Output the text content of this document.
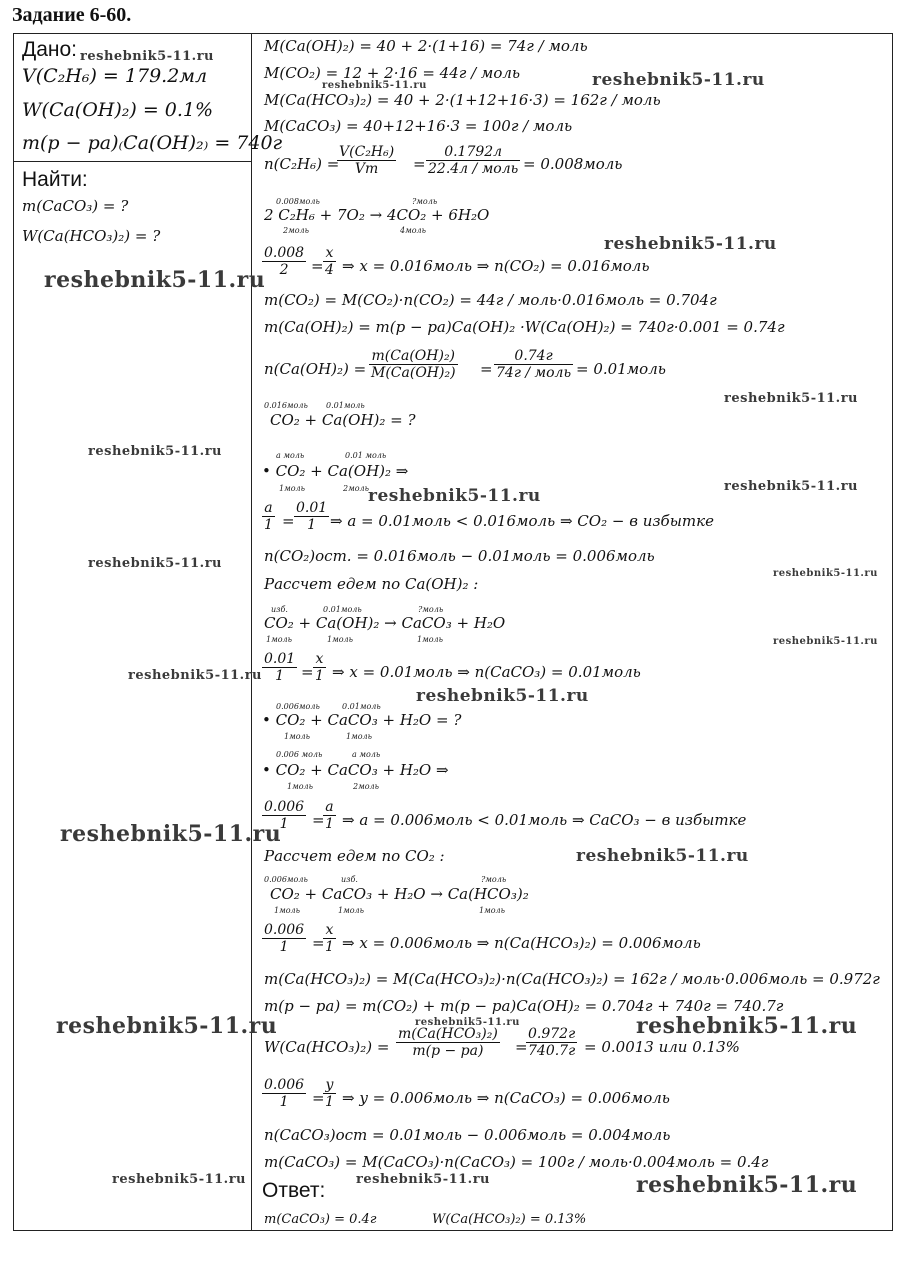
Задание 6-60.
Дано:
V(C₂H₆) = 179.2мл
W(Ca(OH)₂) = 0.1%
m(p − pa)₍Ca(OH)₂₎ = 740г
Найти:
m(CaCO₃) = ?
W(Ca(HCO₃)₂) = ?
M(Ca(OH)₂) = 40 + 2·(1+16) = 74г / моль
M(CO₂) = 12 + 2·16 = 44г / моль
M(Ca(HCO₃)₂) = 40 + 2·(1+12+16·3) = 162г / моль
M(CaCO₃) = 40+12+16·3 = 100г / моль
n(C₂H₆) =
$\frac{\text{V(C₂H₆)}}{Vm}$ =
0.1792л
22.4л / моль = 0.008моль
0.008моль	?моль
2 C₂H₆ + 7O₂ → 4CO₂ + 6H₂O
2моль	4моль
$\frac{0.008}{2} = \frac{x}{4}$ ⇒ x = 0.016моль ⇒ n(CO₂) = 0.016моль
m(CO₂) = M(CO₂)·n(CO₂) = 44г / моль·0.016моль = 0.704г
m(Ca(OH)₂) = m(p − pa)Ca(OH)₂ ·W(Ca(OH)₂) = 740г·0.001 = 0.74г
$n(Ca(OH)_2) = \frac{\text{m(Ca(OH)₂)}}{\text{M(Ca(OH)₂)}}$ =
0.74г
74г / моль = 0.01моль
0.016моль 0.01моль
CO₂ + Ca(OH)₂ = ?
a моль	0.01 моль
• CO₂ + Ca(OH)₂ ⇒
1моль	2моль
$\frac{a}{1} = \frac{0.01}{1}$ ⇒ a = 0.01моль < 0.016моль ⇒ CO₂ − в избытке
n(CO₂)ост. = 0.016моль − 0.01моль = 0.006моль
Рассчет едем по Ca(OH)₂ :
изб.	0.01моль	?моль
CO₂ + Ca(OH)₂ → CaCO₃ + H₂O
1моль	1моль	1моль
$\frac{0.01}{1} = \frac{x}{1}$ ⇒ x = 0.01моль ⇒ n(CaCO₃) = 0.01моль
0.006моль	0.01моль
• CO₂ + CaCO₃ + H₂O = ?
1моль	1моль
0.006 моль	a моль
• CO₂ + CaCO₃ + H₂O ⇒
1моль	2моль
$\frac{0.006}{1}$ =
$\frac{a}{1}$ ⇒ a = 0.006моль < 0.01моль ⇒ CaCO₃ − в избытке
Рассчет едем по CO₂ :
0.006моль	изб.	?моль
CO₂ + CaCO₃ + H₂O → Ca(HCO₃)₂
1моль	1моль	1моль
$\frac{0.006}{1}$ =
$\frac{x}{1}$ ⇒ x = 0.006моль ⇒ n(Ca(HCO₃)₂) = 0.006моль
m(Ca(HCO₃)₂) = M(Ca(HCO₃)₂)·n(Ca(HCO₃)₂) = 162г / моль·0.006моль = 0.972г
m(p − pa) = m(CO₂) + m(p − pa)Ca(OH)₂ = 0.704г + 740г = 740.7г
W(Ca(HCO₃)₂) =
m(Ca(HCO₃)₂)
m(p − pa)	=
0.972г
740.7г = 0.0013 или 0.13%
$\frac{0.006}{1}$ =
$\frac{y}{1}$ ⇒ y = 0.006моль ⇒ n(CaCO₃) = 0.006моль
n(CaCO₃)ост = 0.01моль − 0.006моль = 0.004моль
m(CaCO₃) = M(CaCO₃)·n(CaCO₃) = 100г / моль·0.004моль = 0.4г
Ответ:
m(CaCO₃) = 0.4г	W(Ca(HCO₃)₂) = 0.13%
reshebnik5-11.ru
reshebnik5-11.ru	reshebnik5-11.ru
reshebnik5-11.ru
reshebnik5-11.ru
reshebnik5-11.ru
reshebnik5-11.ru
reshebnik5-11.ru
reshebnik5-11.ru
reshebnik5-11.ru
reshebnik5-11.ru
reshebnik5-11.ru
reshebnik5-11.ru
reshebnik5-11.ru
reshebnik5-11.ru
reshebnik5-11.ru
reshebnik5-11.ru	reshebnik5-11.ru	reshebnik5-11.ru
reshebnik5-11.ru	reshebnik5-11.ru	reshebnik5-11.ru
